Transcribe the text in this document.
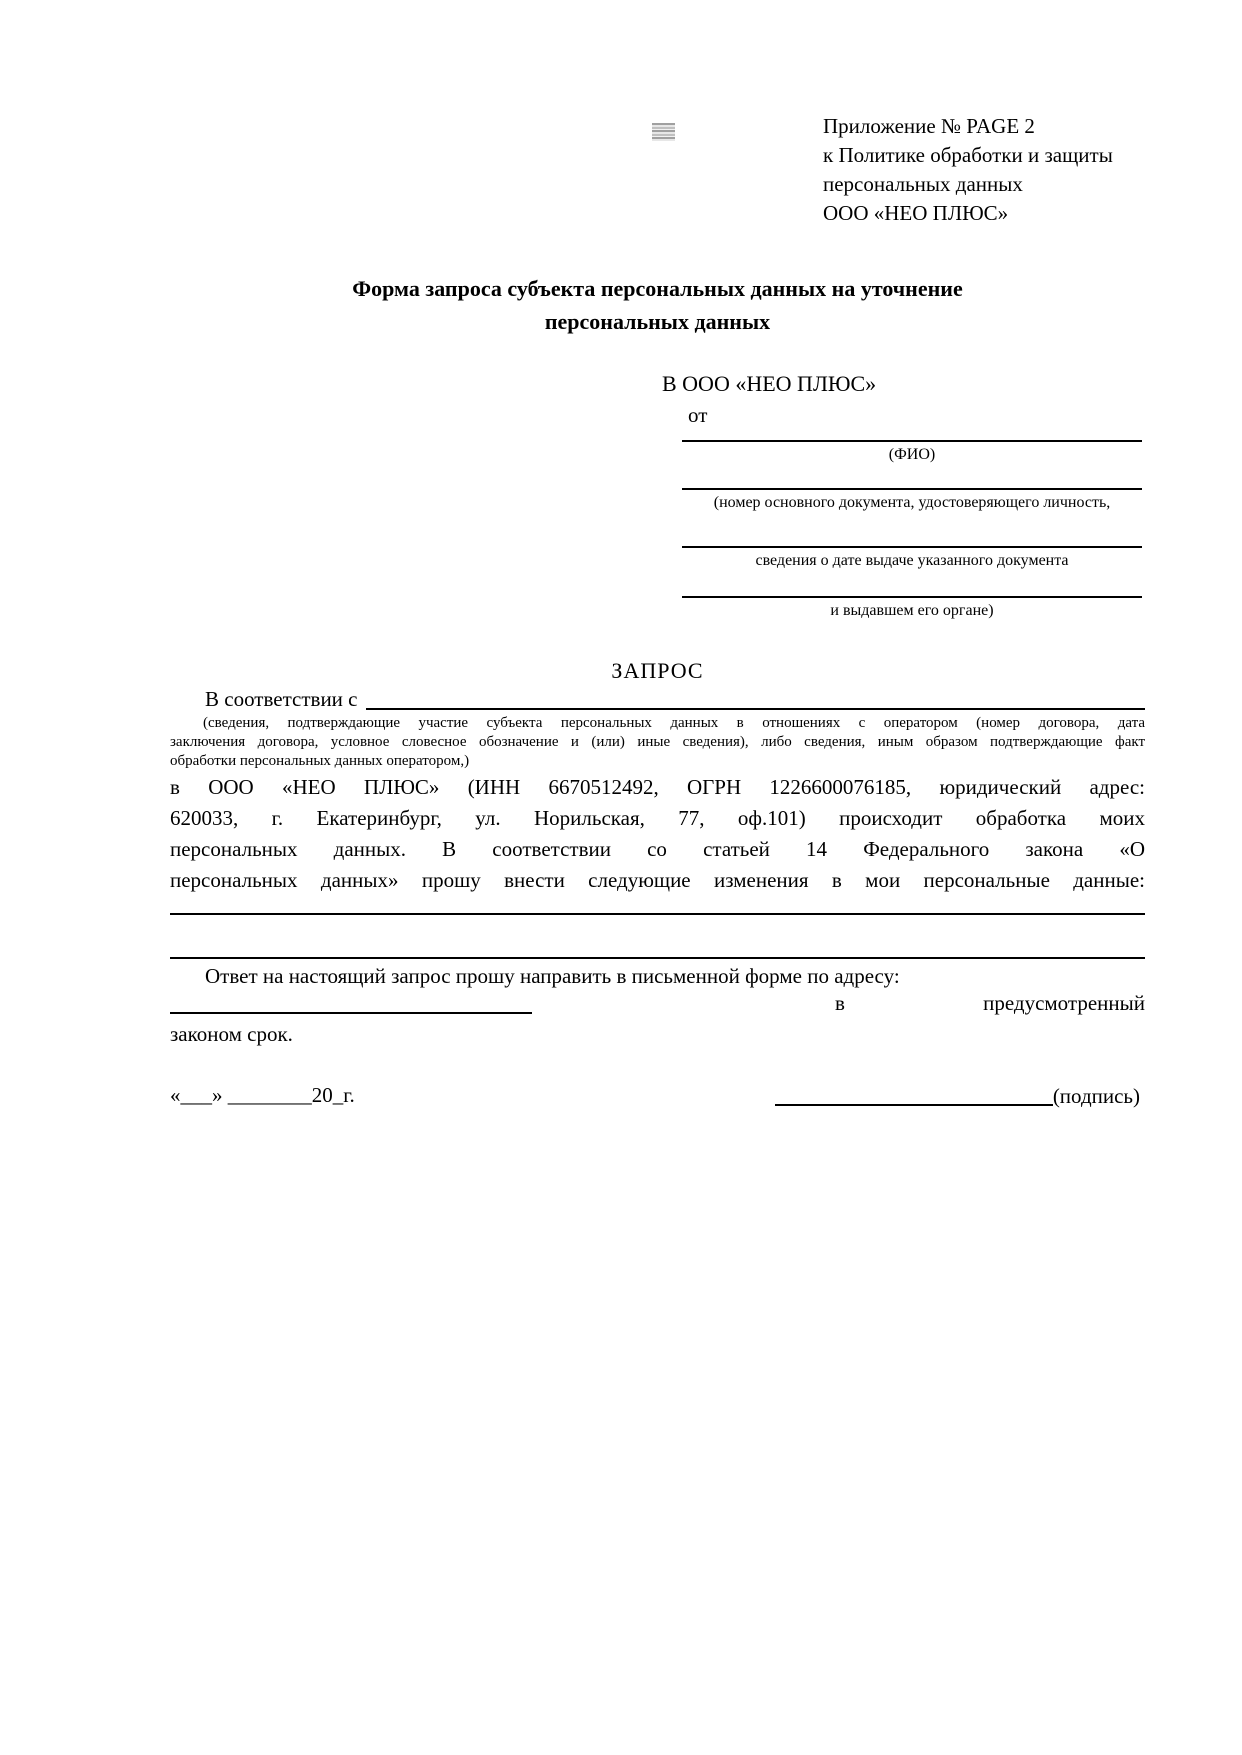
Приложение № PAGE 2
к Политике обработки и защиты
персональных данных
ООО «НЕО ПЛЮС»
Форма запроса субъекта персональных данных на уточнение
персональных данных
В ООО «НЕО ПЛЮС»
от
(ФИО)
(номер основного документа, удостоверяющего личность,
сведения о дате выдаче указанного документа
и выдавшем его органе)
ЗАПРОС
В соответствии с
(сведения, подтверждающие участие субъекта персональных данных в отношениях с оператором (номер договора, дата
заключения договора, условное словесное обозначение и (или) иные сведения), либо сведения, иным образом подтверждающие факт
обработки персональных данных оператором,)
в ООО «НЕО ПЛЮС» (ИНН 6670512492, ОГРН 1226600076185, юридический адрес:
620033, г. Екатеринбург, ул. Норильская, 77, оф.101) происходит обработка моих
персональных данных. В соответствии со статьей 14 Федерального закона «О
персональных данных» прошу внести следующие изменения в мои персональные данные:
Ответ на настоящий запрос прошу направить в письменной форме по адресу:
в	предусмотренный
законом срок.
«___» ________20_г.	(подпись)
